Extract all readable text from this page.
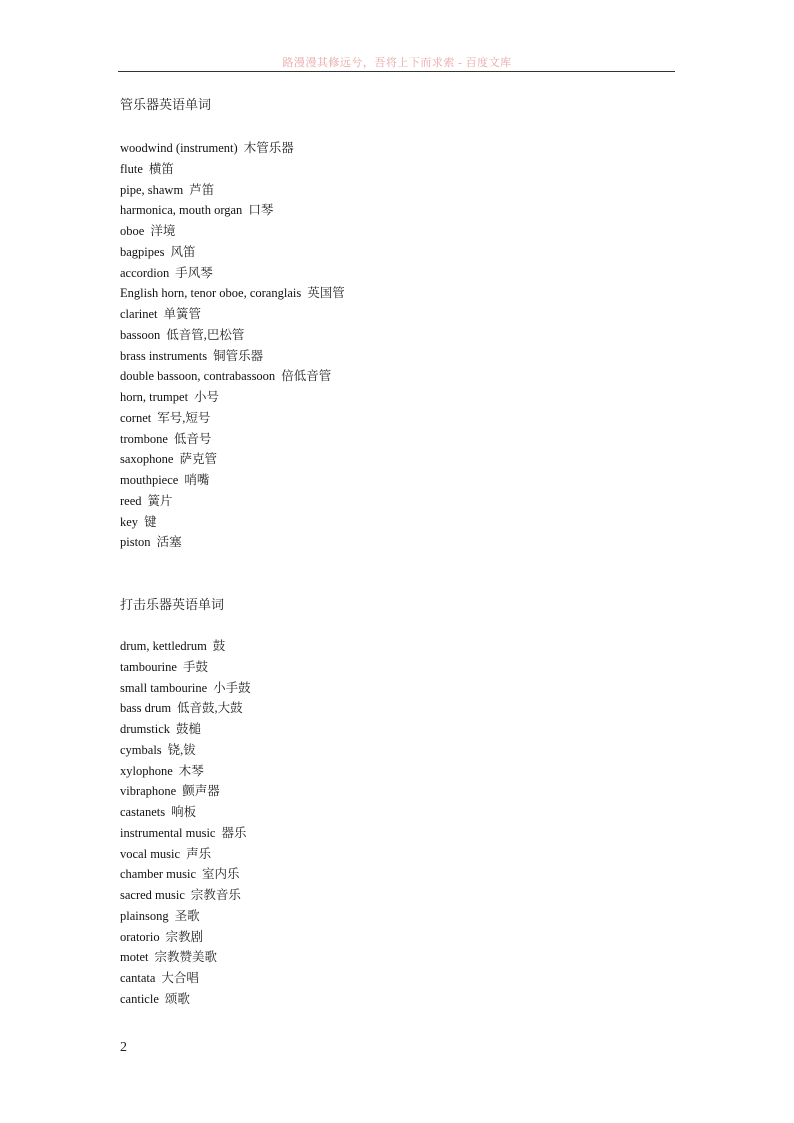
路漫漫其修远兮，吾将上下而求索 - 百度文库
管乐器英语单词
woodwind (instrument) 木管乐器
flute 横笛
pipe, shawm 芦笛
harmonica, mouth organ 口琴
oboe 洋境
bagpipes 风笛
accordion 手风琴
English horn, tenor oboe, coranglais 英国管
clarinet 单簧管
bassoon 低音管,巴松管
brass instruments 铜管乐器
double bassoon, contrabassoon 倍低音管
horn, trumpet 小号
cornet 军号,短号
trombone 低音号
saxophone 萨克管
mouthpiece 哨嘴
reed 簧片
key 键
piston 活塞
打击乐器英语单词
drum, kettledrum 鼓
tambourine 手鼓
small tambourine 小手鼓
bass drum 低音鼓,大鼓
drumstick 鼓槌
cymbals 铙,钹
xylophone 木琴
vibraphone 颤声器
castanets 响板
instrumental music 器乐
vocal music 声乐
chamber music 室内乐
sacred music 宗教音乐
plainsong 圣歌
oratorio 宗教剧
motet 宗教赞美歌
cantata 大合唱
canticle 颂歌
2
